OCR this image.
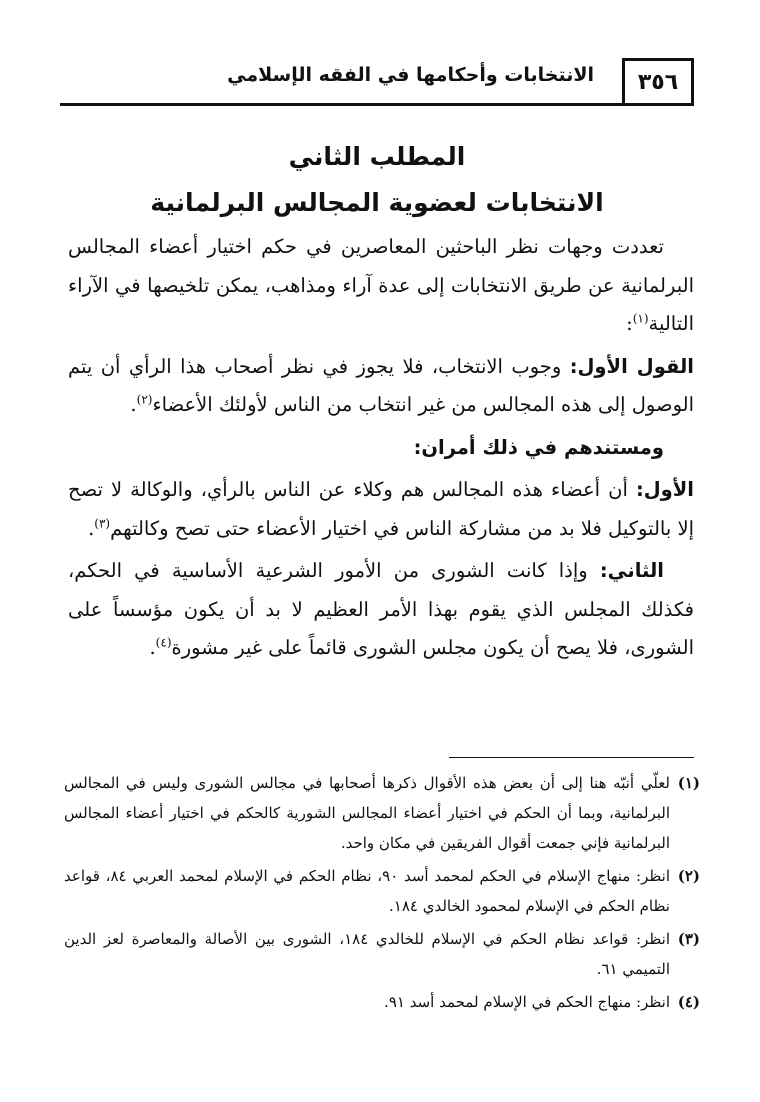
٣٥٦
الانتخابات وأحكامها في الفقه الإسلامي
المطلب الثاني
الانتخابات لعضوية المجالس البرلمانية

تعددت وجهات نظر الباحثين المعاصرين في حكم اختيار أعضاء المجالس البرلمانية عن طريق الانتخابات إلى عدة آراء ومذاهب، يمكن تلخيصها في الآراء التالية$^{(١)}$:

القول الأول: وجوب الانتخاب، فلا يجوز في نظر أصحاب هذا الرأي أن يتم الوصول إلى هذه المجالس من غير انتخاب من الناس لأولئك الأعضاء$^{(٢)}$.

ومستندهم في ذلك أمران:

الأول: أن أعضاء هذه المجالس هم وكلاء عن الناس بالرأي، والوكالة لا تصح إلا بالتوكيل فلا بد من مشاركة الناس في اختيار الأعضاء حتى تصح وكالتهم$^{(٣)}$.

الثاني: وإذا كانت الشورى من الأمور الشرعية الأساسية في الحكم، فكذلك المجلس الذي يقوم بهذا الأمر العظيم لا بد أن يكون مؤسساً على الشورى، فلا يصح أن يكون مجلس الشورى قائماً على غير مشورة$^{(٤)}$.

(١)
لعلّي أنبّه هنا إلى أن بعض هذه الأقوال ذكرها أصحابها في مجالس الشورى وليس في المجالس البرلمانية، وبما أن الحكم في اختيار أعضاء المجالس الشورية كالحكم في اختيار أعضاء المجالس البرلمانية فإني جمعت أقوال الفريقين في مكان واحد.
(٢)
انظر: منهاج الإسلام في الحكم لمحمد أسد ٩٠، نظام الحكم في الإسلام لمحمد العربي ٨٤، قواعد نظام الحكم في الإسلام لمحمود الخالدي ١٨٤.
(٣)
انظر: قواعد نظام الحكم في الإسلام للخالدي ١٨٤، الشورى بين الأصالة والمعاصرة لعز الدين التميمي ٦١.
(٤)
انظر: منهاج الحكم في الإسلام لمحمد أسد ٩١.
